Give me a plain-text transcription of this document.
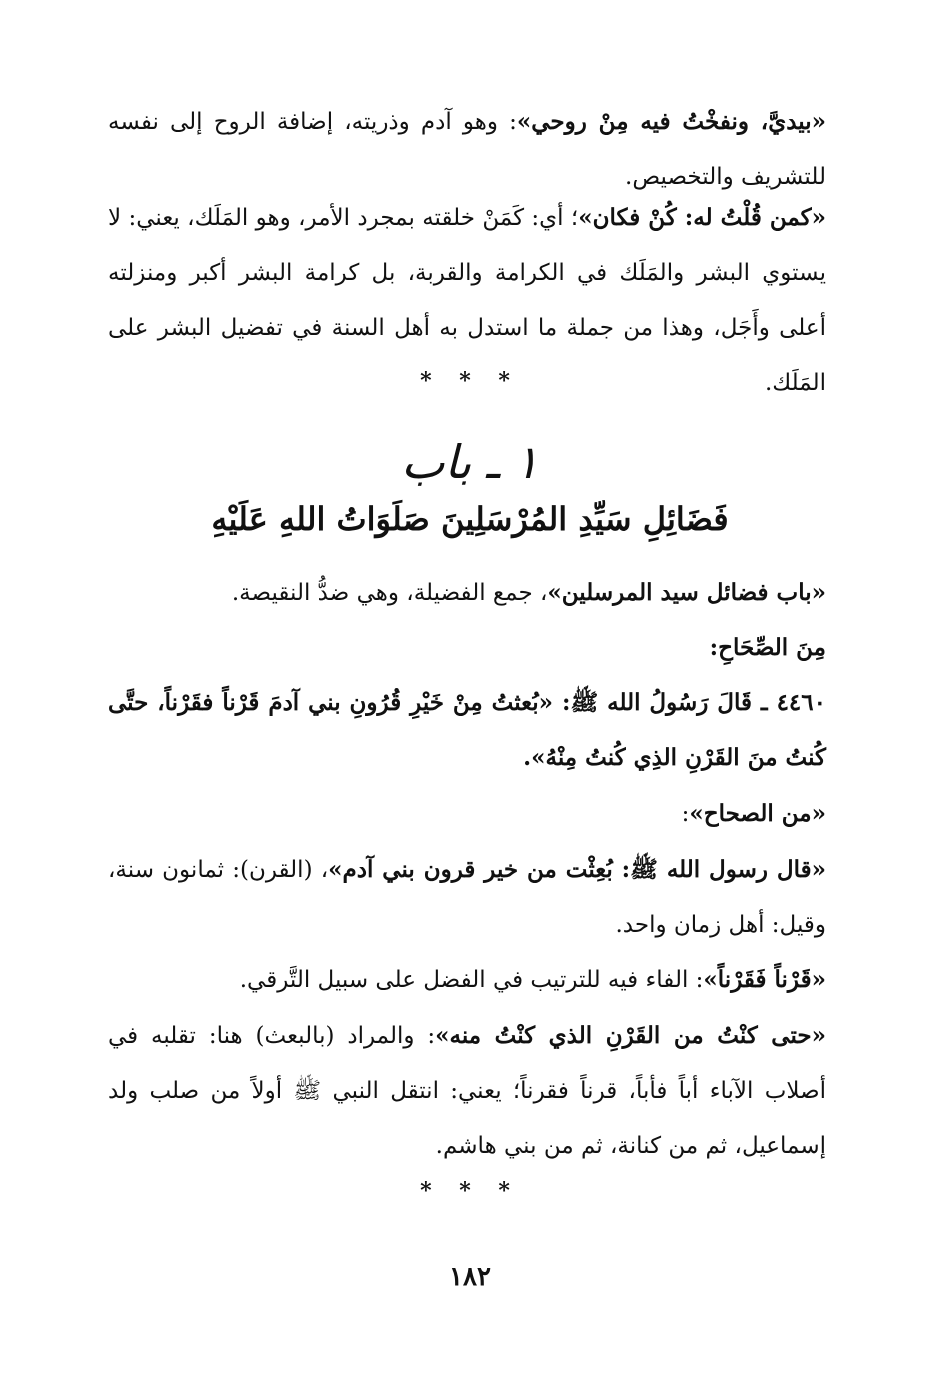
«بيديَّ، ونفخْتُ فيه مِنْ روحي»: وهو آدم وذريته، إضافة الروح إلى نفسه للتشريف والتخصيص.
«كمن قُلْتُ له: كُنْ فكان»؛ أي: كَمَنْ خلقته بمجرد الأمر، وهو المَلَك، يعني: لا يستوي البشر والمَلَك في الكرامة والقربة، بل كرامة البشر أكبر ومنزلته أعلى وأَجَل، وهذا من جملة ما استدل به أهل السنة في تفضيل البشر على المَلَك.
* * *
١ ـ باب
فَضَائِلِ سَيِّدِ المُرْسَلِينَ صَلَوَاتُ اللهِ عَلَيْهِ
«باب فضائل سيد المرسلين»، جمع الفضيلة، وهي ضدُّ النقيصة.
مِنَ الصِّحَاحِ:
٤٤٦٠ ـ قَالَ رَسُولُ الله ﷺ: «بُعثتُ مِنْ خَيْرِ قُرُونِ بني آدمَ قَرْناً فقَرْناً، حتَّى كُنتُ منَ القَرْنِ الذِي كُنتُ مِنْهُ».
«من الصحاح»:
«قال رسول الله ﷺ: بُعِثْت من خير قرون بني آدم»، (القرن): ثمانون سنة، وقيل: أهل زمان واحد.
«قَرْناً فَقَرْناً»: الفاء فيه للترتيب في الفضل على سبيل التَّرقي.
«حتى كنْتُ من القَرْنِ الذي كنْتُ منه»: والمراد (بالبعث) هنا: تقلبه في أصلاب الآباء أباً فأباً، قرناً فقرناً؛ يعني: انتقل النبي ﷺ أولاً من صلب ولد إسماعيل، ثم من كنانة، ثم من بني هاشم.
* * *
١٨٢
